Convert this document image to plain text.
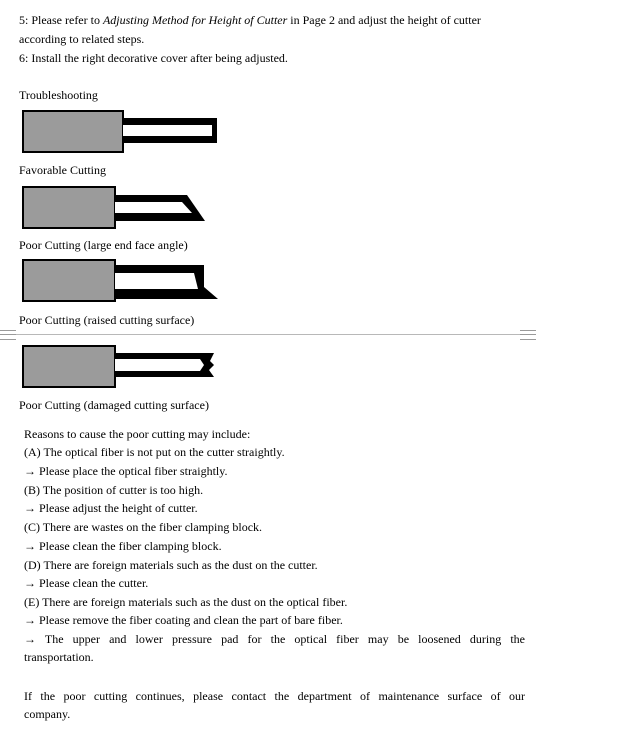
5: Please refer to Adjusting Method for Height of Cutter in Page 2 and adjust the height of cutter
according to related steps.
6: Install the right decorative cover after being adjusted.
Troubleshooting
Favorable Cutting
Poor Cutting (large end face angle)
Poor Cutting (raised cutting surface)
Poor Cutting (damaged cutting surface)
Reasons to cause the poor cutting may include:
(A) The optical fiber is not put on the cutter straightly.
→ Please place the optical fiber straightly.
(B) The position of cutter is too high.
→ Please adjust the height of cutter.
(C) There are wastes on the fiber clamping block.
→ Please clean the fiber clamping block.
(D) There are foreign materials such as the dust on the cutter.
→ Please clean the cutter.
(E) There are foreign materials such as the dust on the optical fiber.
→ Please remove the fiber coating and clean the part of bare fiber.
→ The upper and lower pressure pad for the optical fiber may be loosened during the
transportation.
If the poor cutting continues, please contact the department of maintenance surface of our
company.
